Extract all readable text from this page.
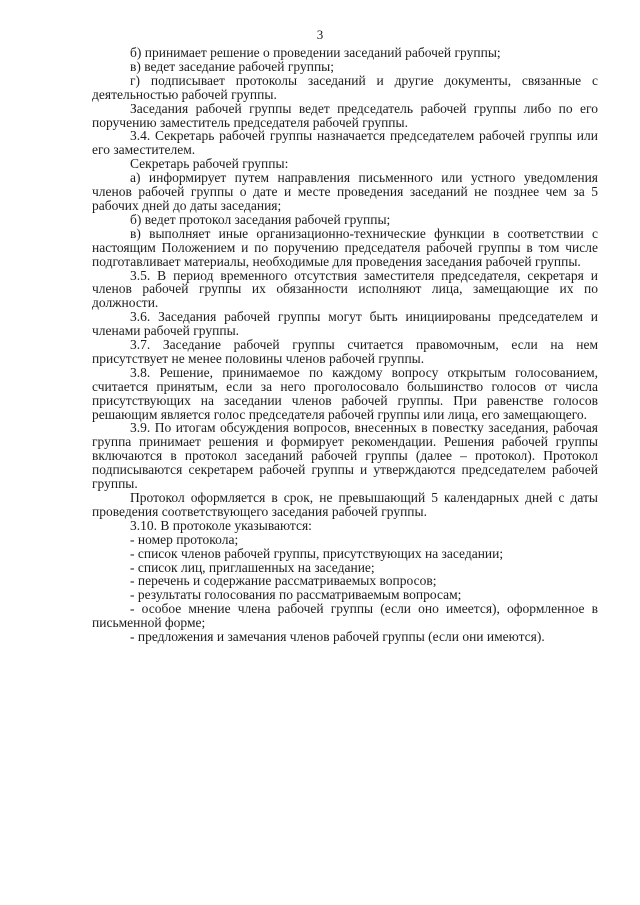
3

б) принимает решение о проведении заседаний рабочей группы;

в) ведет заседание рабочей группы;

г) подписывает протоколы заседаний и другие документы, связанные с деятельностью рабочей группы.

Заседания рабочей группы ведет председатель рабочей группы либо по его поручению заместитель председателя рабочей группы.

3.4. Секретарь рабочей группы назначается председателем рабочей группы или его заместителем.

Секретарь рабочей группы:

а) информирует путем направления письменного или устного уведомления членов рабочей группы о дате и месте проведения заседаний не позднее чем за 5 рабочих дней до даты заседания;

б) ведет протокол заседания рабочей группы;

в) выполняет иные организационно-технические функции в соответствии с настоящим Положением и по поручению председателя рабочей группы в том числе подготавливает материалы, необходимые для проведения заседания рабочей группы.

3.5. В период временного отсутствия заместителя председателя, секретаря и членов рабочей группы их обязанности исполняют лица, замещающие их по должности.

3.6. Заседания рабочей группы могут быть инициированы председателем и членами рабочей группы.

3.7. Заседание рабочей группы считается правомочным, если на нем присутствует не менее половины членов рабочей группы.

3.8. Решение, принимаемое по каждому вопросу открытым голосованием, считается принятым, если за него проголосовало большинство голосов от числа присутствующих на заседании членов рабочей группы. При равенстве голосов решающим является голос председателя рабочей группы или лица, его замещающего.

3.9. По итогам обсуждения вопросов, внесенных в повестку заседания, рабочая группа принимает решения и формирует рекомендации. Решения рабочей группы включаются в протокол заседаний рабочей группы (далее – протокол). Протокол подписываются секретарем рабочей группы и утверждаются председателем рабочей группы.

Протокол оформляется в срок, не превышающий 5 календарных дней с даты проведения соответствующего заседания рабочей группы.

3.10. В протоколе указываются:

- номер протокола;

- список членов рабочей группы, присутствующих на заседании;

- список лиц, приглашенных на заседание;

- перечень и содержание рассматриваемых вопросов;

- результаты голосования по рассматриваемым вопросам;

- особое мнение члена рабочей группы (если оно имеется), оформленное в письменной форме;

- предложения и замечания членов рабочей группы (если они имеются).
